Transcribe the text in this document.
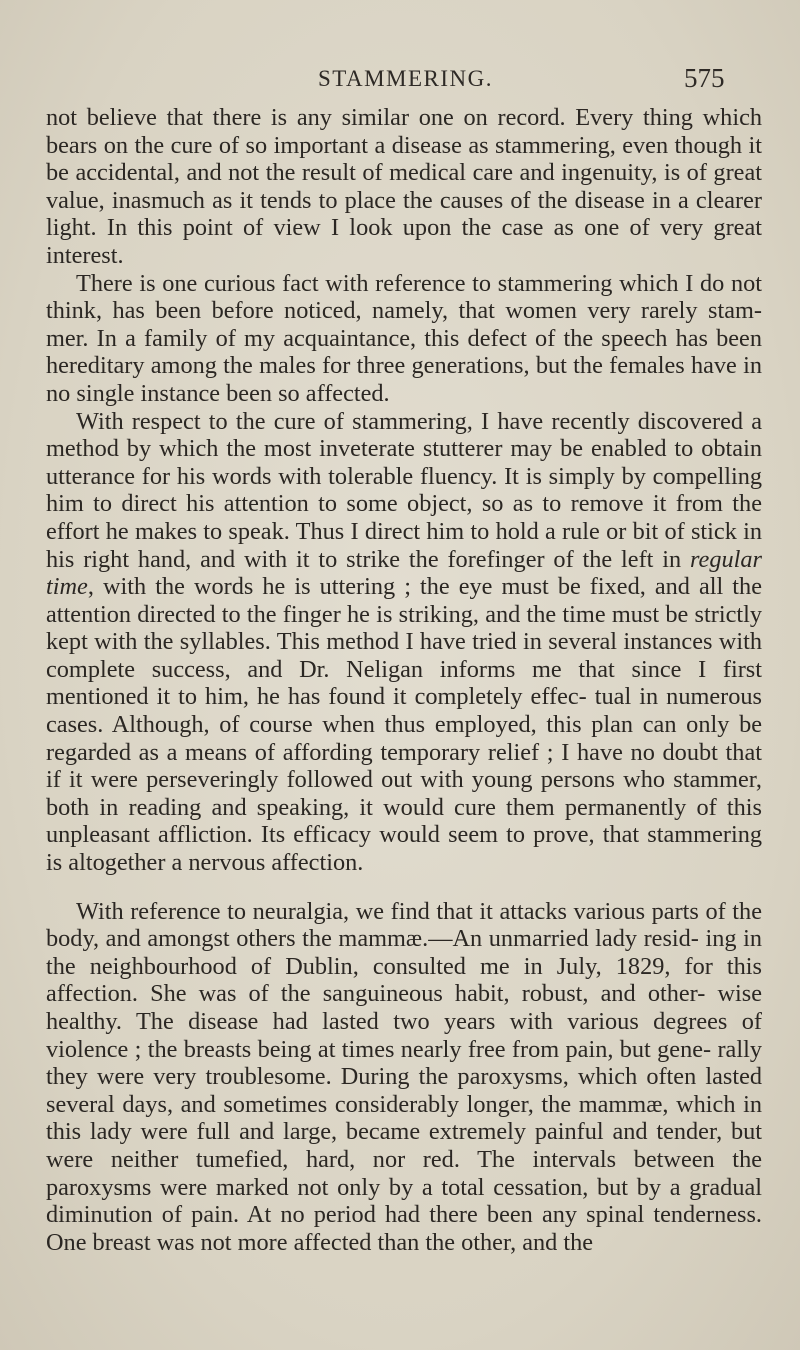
STAMMERING.	575

not believe that there is any similar one on record. Every thing which bears on the cure of so important a disease as stammering, even though it be accidental, and not the result of medical care and ingenuity, is of great value, inasmuch as it tends to place the causes of the disease in a clearer light. In this point of view I look upon the case as one of very great interest.

There is one curious fact with reference to stammering which I do not think, has been before noticed, namely, that women very rarely stam- mer. In a family of my acquaintance, this defect of the speech has been hereditary among the males for three generations, but the females have in no single instance been so affected.

With respect to the cure of stammering, I have recently discovered a method by which the most inveterate stutterer may be enabled to obtain utterance for his words with tolerable fluency. It is simply by compelling him to direct his attention to some object, so as to remove it from the effort he makes to speak. Thus I direct him to hold a rule or bit of stick in his right hand, and with it to strike the forefinger of the left in regular time, with the words he is uttering ; the eye must be fixed, and all the attention directed to the finger he is striking, and the time must be strictly kept with the syllables. This method I have tried in several instances with complete success, and Dr. Neligan informs me that since I first mentioned it to him, he has found it completely effec- tual in numerous cases. Although, of course when thus employed, this plan can only be regarded as a means of affording temporary relief ; I have no doubt that if it were perseveringly followed out with young persons who stammer, both in reading and speaking, it would cure them permanently of this unpleasant affliction. Its efficacy would seem to prove, that stammering is altogether a nervous affection.

With reference to neuralgia, we find that it attacks various parts of the body, and amongst others the mammæ.—An unmarried lady resid- ing in the neighbourhood of Dublin, consulted me in July, 1829, for this affection. She was of the sanguineous habit, robust, and other- wise healthy. The disease had lasted two years with various degrees of violence ; the breasts being at times nearly free from pain, but gene- rally they were very troublesome. During the paroxysms, which often lasted several days, and sometimes considerably longer, the mammæ, which in this lady were full and large, became extremely painful and tender, but were neither tumefied, hard, nor red. The intervals between the paroxysms were marked not only by a total cessation, but by a gradual diminution of pain. At no period had there been any spinal tenderness. One breast was not more affected than the other, and the
